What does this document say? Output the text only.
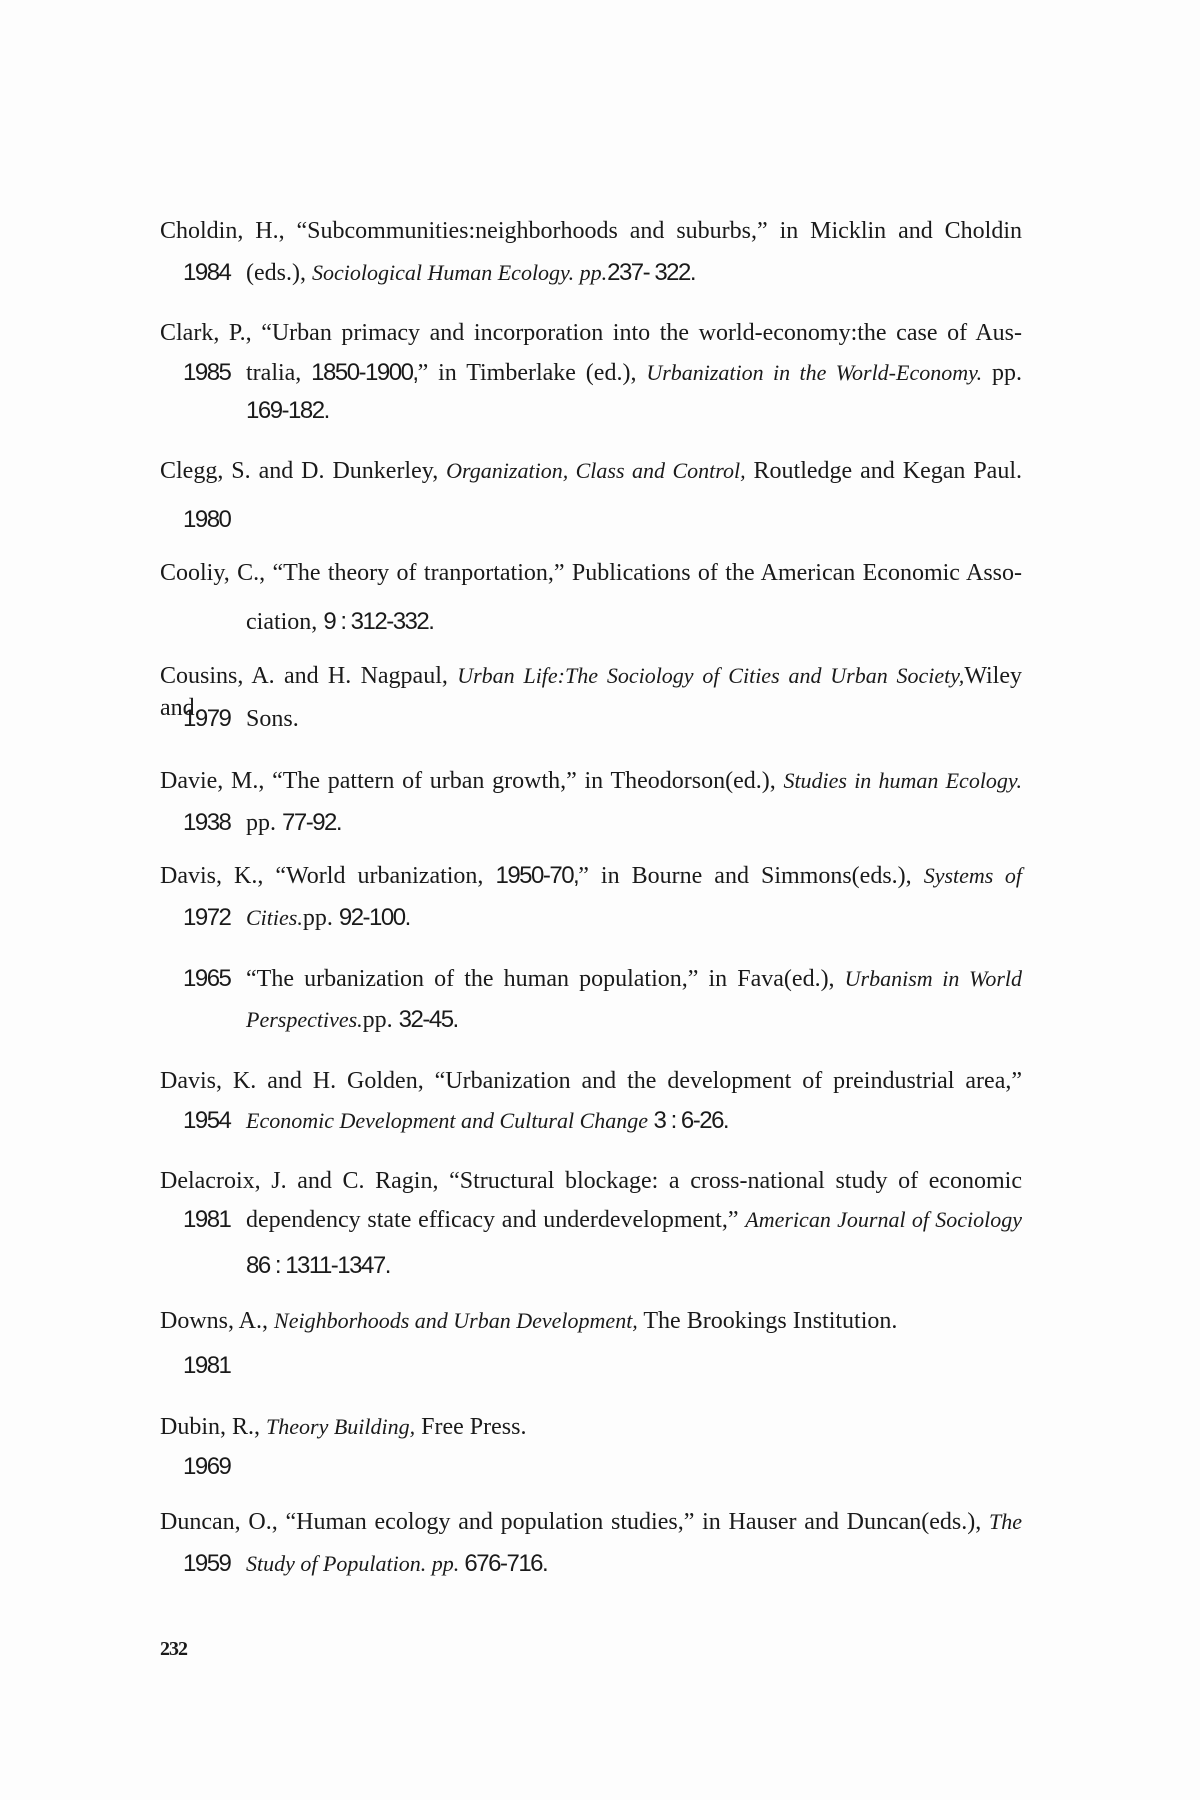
Choldin, H., “Subcommunities:neighborhoods and suburbs,” in Micklin and Choldin
1984 (eds.), Sociological Human Ecology. pp.237- 322.
Clark, P., “Urban primacy and incorporation into the world-economy:the case of Aus-
1985 tralia, 1850-1900,” in Timberlake (ed.), Urbanization in the World-Economy. pp.
169-182.
Clegg, S. and D. Dunkerley, Organization, Class and Control, Routledge and Kegan Paul.
1980
Cooliy, C., “The theory of tranportation,” Publications of the American Economic Asso-
ciation, 9 : 312-332.
Cousins, A. and H. Nagpaul, Urban Life:The Sociology of Cities and Urban Society,Wiley and
1979 Sons.
Davie, M., “The pattern of urban growth,” in Theodorson(ed.), Studies in human Ecology.
1938 pp. 77-92.
Davis, K., “World urbanization, 1950-70,” in Bourne and Simmons(eds.), Systems of
1972 Cities.pp. 92-100.
1965 “The urbanization of the human population,” in Fava(ed.), Urbanism in World
Perspectives.pp. 32-45.
Davis, K. and H. Golden, “Urbanization and the development of preindustrial area,”
1954 Economic Development and Cultural Change 3 : 6-26.
Delacroix, J. and C. Ragin, “Structural blockage: a cross-national study of economic
1981 dependency state efficacy and underdevelopment,” American Journal of Sociology
86 : 1311-1347.
Downs, A., Neighborhoods and Urban Development, The Brookings Institution.
1981
Dubin, R., Theory Building, Free Press.
1969
Duncan, O., “Human ecology and population studies,” in Hauser and Duncan(eds.), The
1959 Study of Population. pp. 676-716.
232
